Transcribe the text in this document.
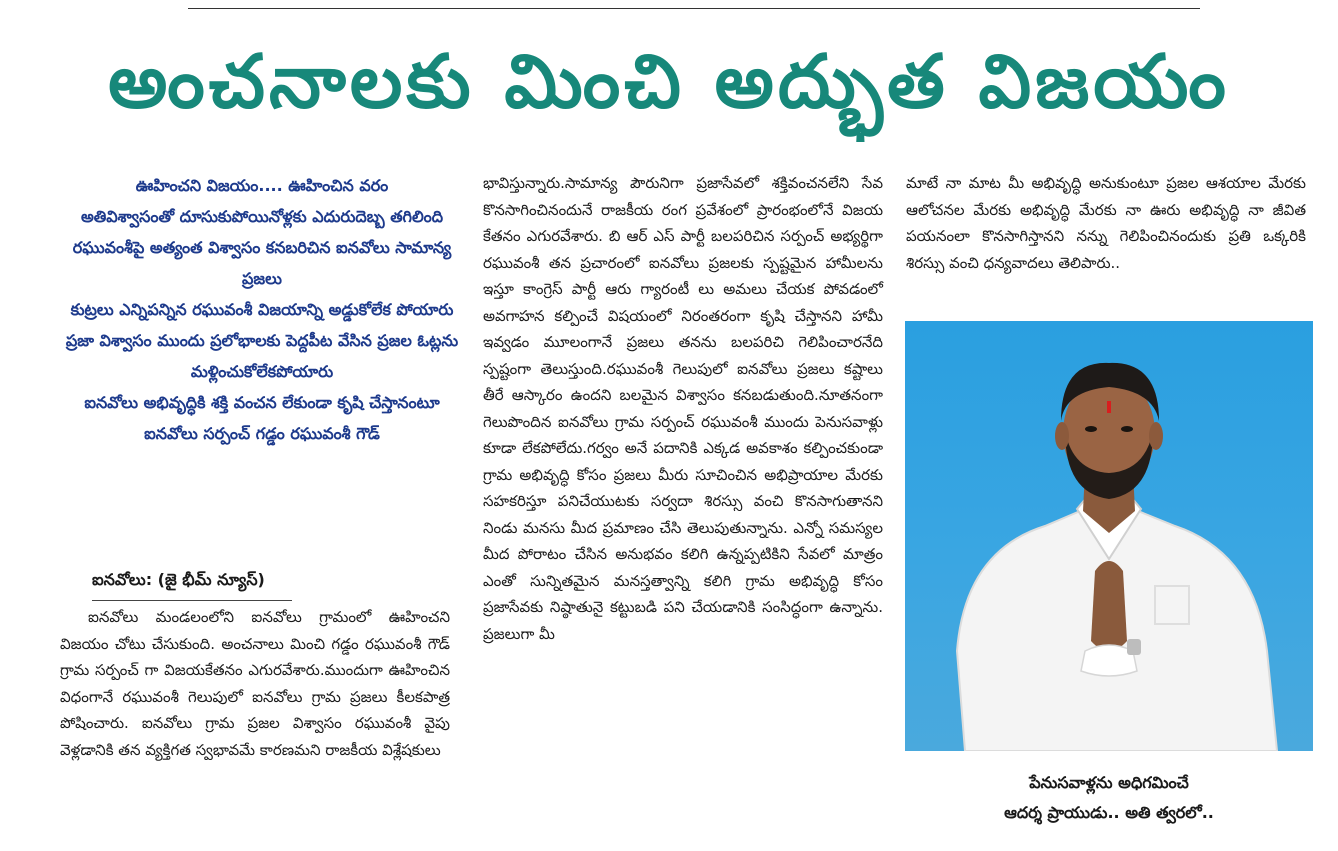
అంచనాలకు మించి అద్భుత విజయం

ఊహించని విజయం.... ఊహించిన వరం

అతివిశ్వాసంతో దూసుకుపోయినోళ్లకు ఎదురుదెబ్బ తగిలింది

రఘువంశీపై అత్యంత విశ్వాసం కనబరిచిన ఐనవోలు సామాన్య ప్రజలు

కుట్రలు ఎన్నిపన్నిన రఘువంశీ విజయాన్ని అడ్డుకోలేక పోయారు

ప్రజా విశ్వాసం ముందు ప్రలోభాలకు పెద్దపీట వేసిన ప్రజల ఓట్లను మళ్లించుకోలేకపోయారు

ఐనవోలు అభివృద్ధికి శక్తి వంచన లేకుండా కృషి చేస్తానంటూ ఐనవోలు సర్పంచ్ గడ్డం రఘువంశీ గౌడ్

ఐనవోలు: (జై భీమ్ న్యూస్)

ఐనవోలు మండలంలోని ఐనవోలు గ్రామంలో ఊహించని విజయం చోటు చేసుకుంది. అంచనాలు మించి గడ్డం రఘువంశీ గౌడ్ గ్రామ సర్పంచ్ గా విజయకేతనం ఎగురవేశారు.ముందుగా ఊహించిన విధంగానే రఘువంశీ గెలుపులో ఐనవోలు గ్రామ ప్రజలు కీలకపాత్ర పోషించారు. ఐనవోలు గ్రామ ప్రజల విశ్వాసం రఘువంశీ వైపు వెళ్లడానికి తన వ్యక్తిగత స్వభావమే కారణమని రాజకీయ విశ్లేషకులు

భావిస్తున్నారు.సామాన్య పౌరునిగా ప్రజాసేవలో శక్తివంచనలేని సేవ కొనసాగించినందునే రాజకీయ రంగ ప్రవేశంలో ప్రారంభంలోనే విజయ కేతనం ఎగురవేశారు. బి ఆర్ ఎస్ పార్టీ బలపరిచిన సర్పంచ్ అభ్యర్థిగా రఘువంశీ తన ప్రచారంలో ఐనవోలు ప్రజలకు స్పష్టమైన హామీలను ఇస్తూ కాంగ్రెస్ పార్టీ ఆరు గ్యారంటీ లు అమలు చేయక పోవడంలో అవగాహన కల్పించే విషయంలో నిరంతరంగా కృషి చేస్తానని హామీ ఇవ్వడం మూలంగానే ప్రజలు తనను బలపరిచి గెలిపించారనేది స్పష్టంగా తెలుస్తుంది.రఘువంశీ గెలుపులో ఐనవోలు ప్రజలు కష్టాలు తీరే ఆస్కారం ఉందని బలమైన విశ్వాసం కనబడుతుంది.నూతనంగా గెలుపొందిన ఐనవోలు గ్రామ సర్పంచ్ రఘువంశీ ముందు పెనుసవాళ్లు కూడా లేకపోలేదు.గర్వం అనే పదానికి ఎక్కడ అవకాశం కల్పించకుండా గ్రామ అభివృద్ధి కోసం ప్రజలు మీరు సూచించిన అభిప్రాయాల మేరకు సహకరిస్తూ పనిచేయుటకు సర్వదా శిరస్సు వంచి కొనసాగుతానని నిండు మనసు మీద ప్రమాణం చేసి తెలుపుతున్నాను. ఎన్నో సమస్యల మీద పోరాటం చేసిన అనుభవం కలిగి ఉన్నప్పటికిని సేవలో మాత్రం ఎంతో సున్నితమైన మనస్తత్వాన్ని కలిగి గ్రామ అభివృద్ధి కోసం ప్రజాసేవకు నిష్ఠాతునై కట్టుబడి పని చేయడానికి సంసిద్ధంగా ఉన్నాను. ప్రజలుగా మీ

మాటే నా మాట మీ అభివృద్ధి అనుకుంటూ ప్రజల ఆశయాల మేరకు ఆలోచనల మేరకు అభివృద్ధి మేరకు నా ఊరు అభివృద్ధి నా జీవిత పయనంలా కొనసాగిస్తానని నన్ను గెలిపించినందుకు ప్రతి ఒక్కరికి శిరస్సు వంచి ధన్యవాదలు తెలిపారు..

పేనుసవాళ్లను అధిగమించే

ఆదర్శ ప్రాయుడు.. అతి త్వరలో..
